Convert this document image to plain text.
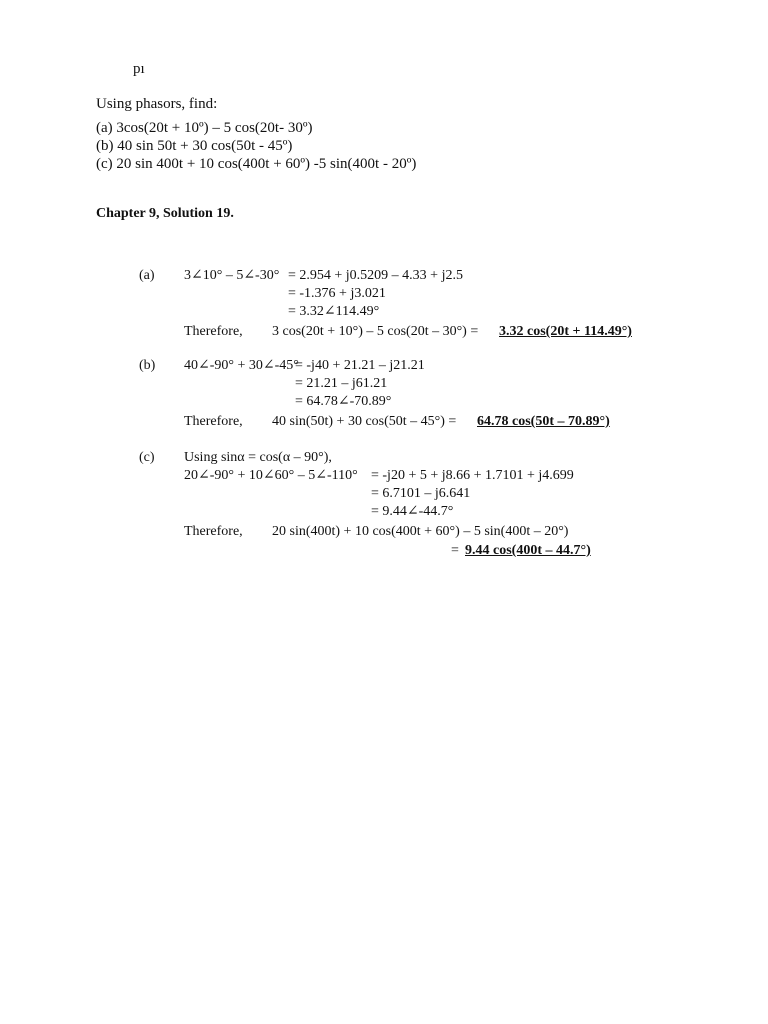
pı
Using phasors, find:
(a) 3cos(20t + 10º) – 5 cos(20t- 30º)
(b) 40 sin 50t + 30 cos(50t - 45º)
(c) 20 sin 400t + 10 cos(400t + 60º) -5 sin(400t - 20º)
Chapter 9, Solution 19.
(a) 3∠10° – 5∠-30° = 2.954 + j0.5209 – 4.33 + j2.5
= -1.376 + j3.021
= 3.32∠114.49°
Therefore, 3 cos(20t + 10°) – 5 cos(20t – 30°) = 3.32 cos(20t + 114.49°)
(b) 40∠-90° + 30∠-45°
= -j40 + 21.21 – j21.21
= 21.21 – j61.21
= 64.78∠-70.89°
Therefore, 40 sin(50t) + 30 cos(50t – 45°) = 64.78 cos(50t – 70.89°)
(c) Using sinα = cos(α – 90°),
20∠-90° + 10∠60° – 5∠-110° = -j20 + 5 + j8.66 + 1.7101 + j4.699
= 6.7101 – j6.641
= 9.44∠-44.7°
Therefore, 20 sin(400t) + 10 cos(400t + 60°) – 5 sin(400t – 20°)
= 9.44 cos(400t – 44.7°)
